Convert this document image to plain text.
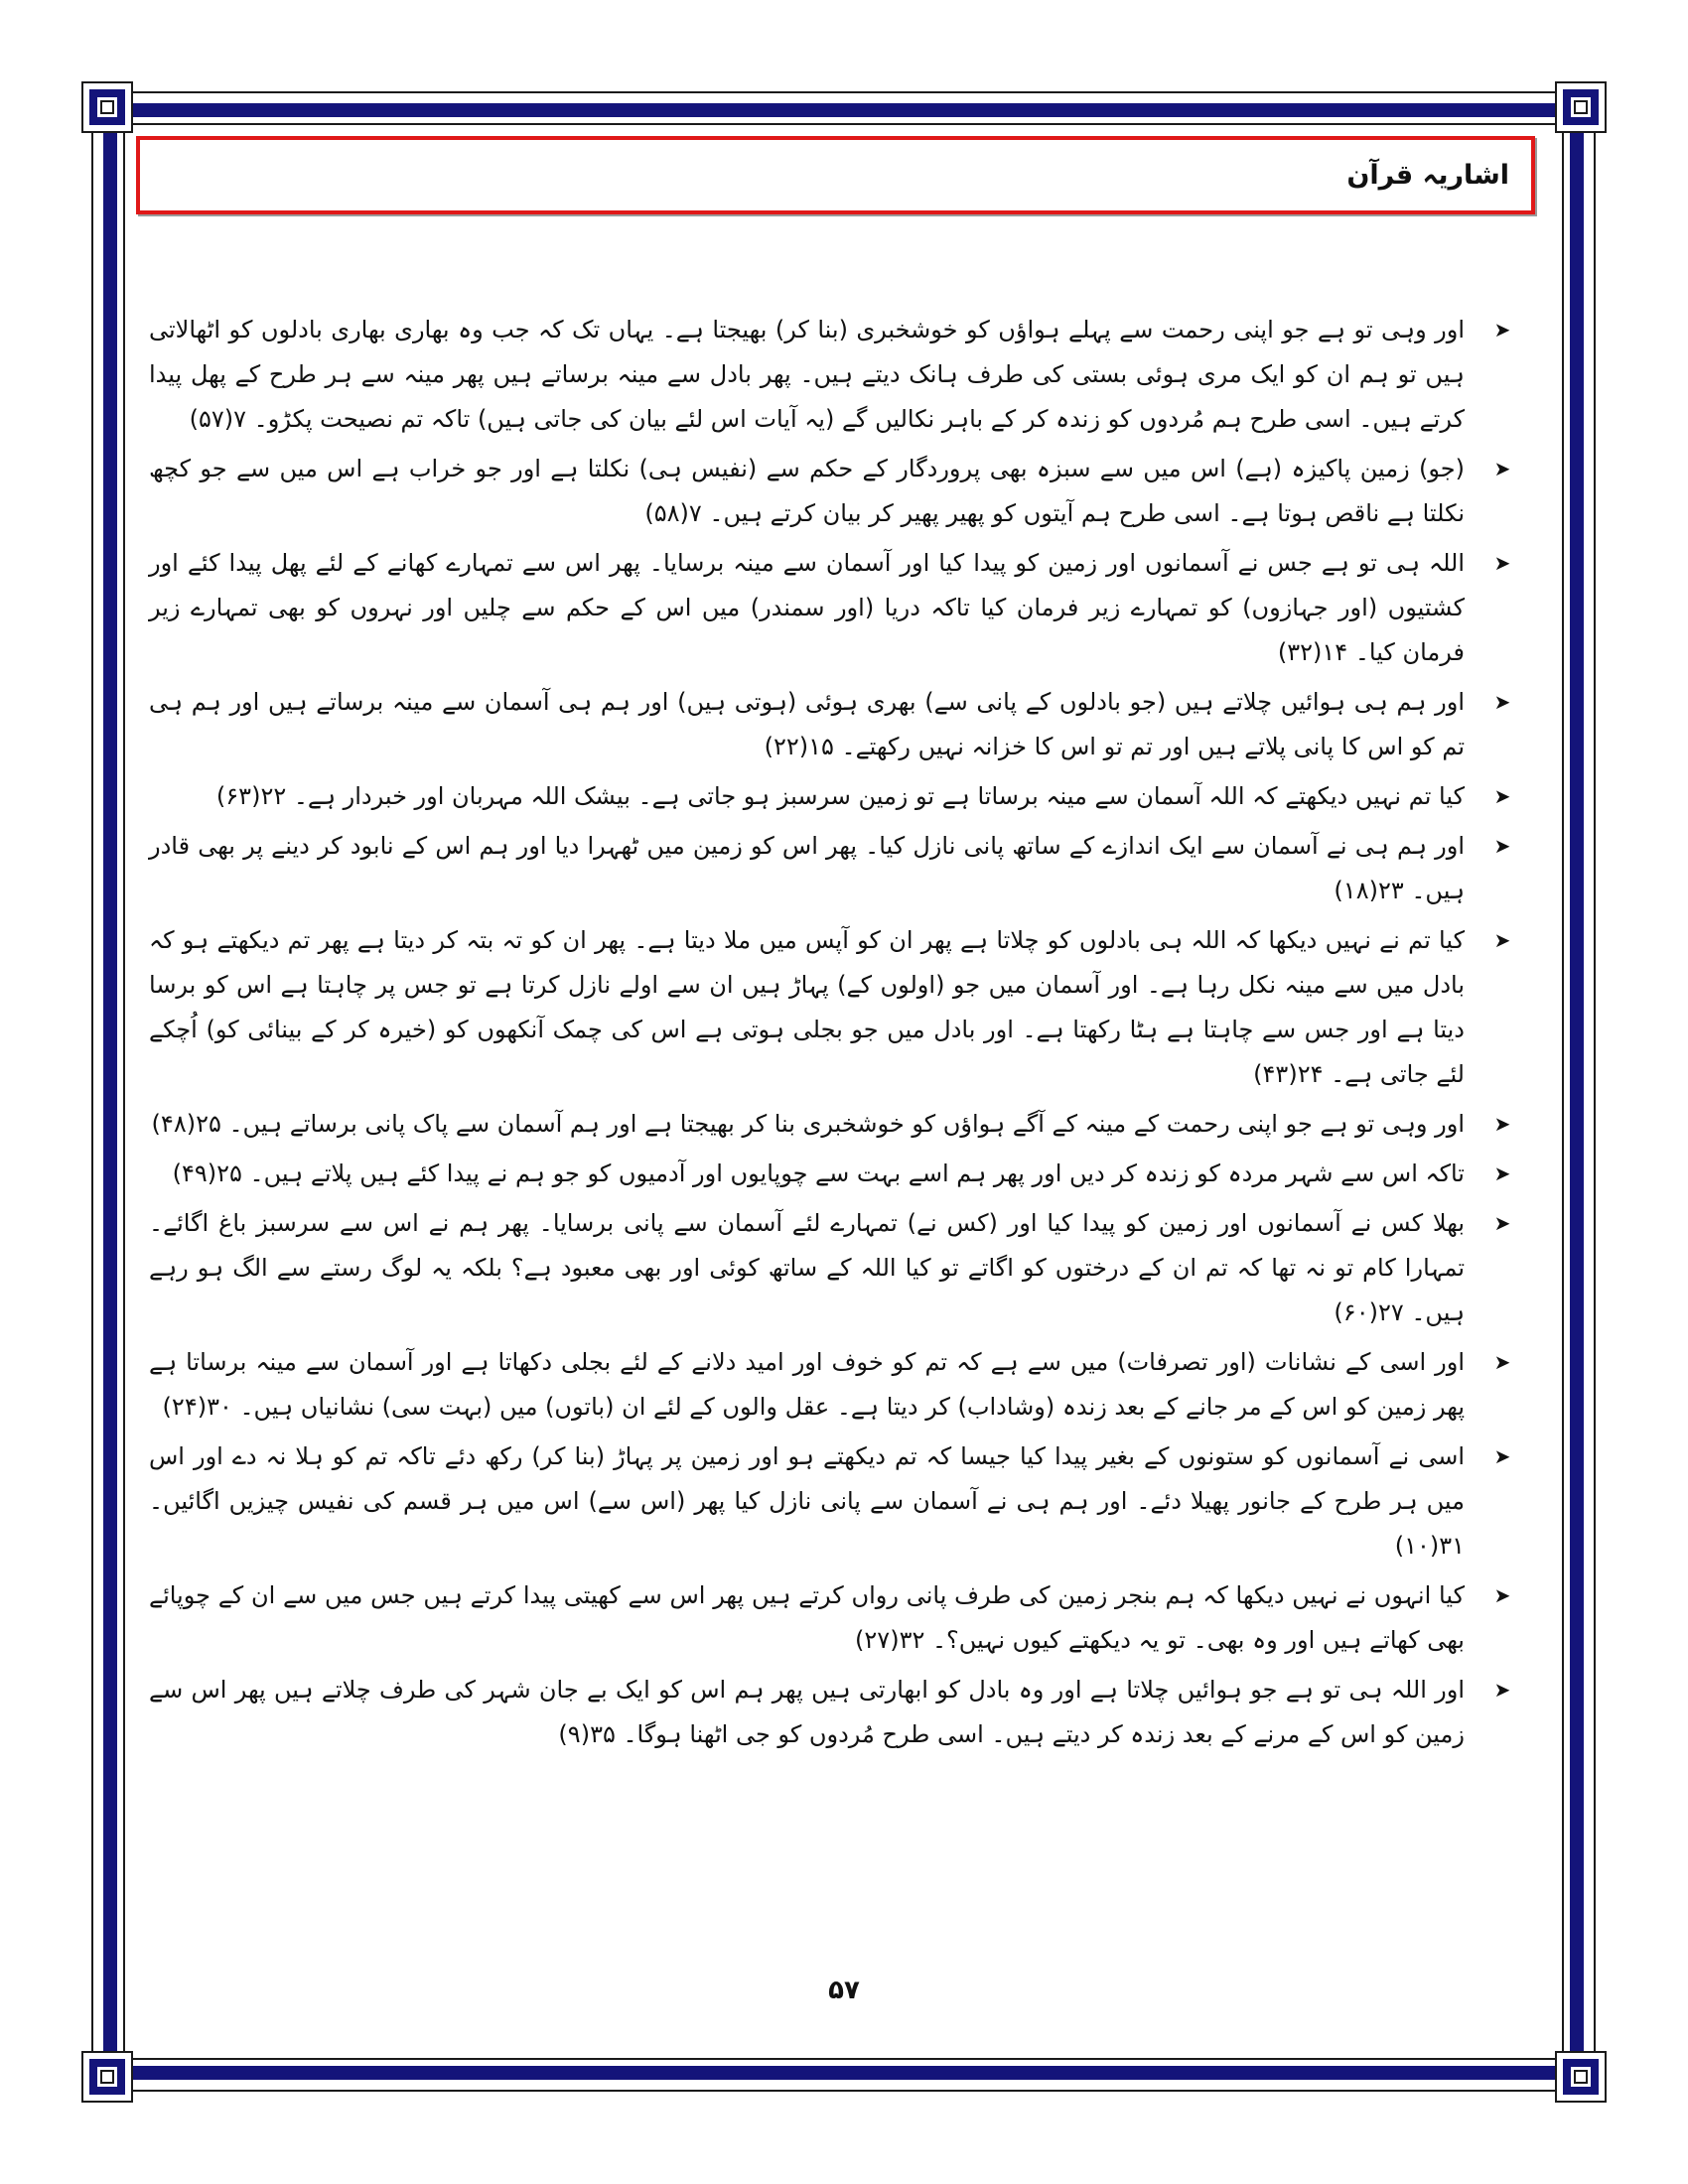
اشاریہ قرآن
➤
اور وہی تو ہے جو اپنی رحمت سے پہلے ہواؤں کو خوشخبری (بنا کر) بھیجتا ہے۔ یہاں تک کہ جب وہ بھاری بھاری بادلوں کو اٹھالاتی ہیں تو ہم ان کو ایک مری ہوئی بستی کی طرف ہانک دیتے ہیں۔ پھر بادل سے مینہ برساتے ہیں پھر مینہ سے ہر طرح کے پھل پیدا کرتے ہیں۔ اسی طرح ہم مُردوں کو زندہ کر کے باہر نکالیں گے (یہ آیات اس لئے بیان کی جاتی ہیں) تاکہ تم نصیحت پکڑو۔ ۷(۵۷)
➤
(جو) زمین پاکیزہ (ہے) اس میں سے سبزہ بھی پروردگار کے حکم سے (نفیس ہی) نکلتا ہے اور جو خراب ہے اس میں سے جو کچھ نکلتا ہے ناقص ہوتا ہے۔ اسی طرح ہم آیتوں کو پھیر پھیر کر بیان کرتے ہیں۔ ۷(۵۸)
➤
اللہ ہی تو ہے جس نے آسمانوں اور زمین کو پیدا کیا اور آسمان سے مینہ برسایا۔ پھر اس سے تمہارے کھانے کے لئے پھل پیدا کئے اور کشتیوں (اور جہازوں) کو تمہارے زیر فرمان کیا تاکہ دریا (اور سمندر) میں اس کے حکم سے چلیں اور نہروں کو بھی تمہارے زیر فرمان کیا۔ ۱۴(۳۲)
➤
اور ہم ہی ہوائیں چلاتے ہیں (جو بادلوں کے پانی سے) بھری ہوئی (ہوتی ہیں) اور ہم ہی آسمان سے مینہ برساتے ہیں اور ہم ہی تم کو اس کا پانی پلاتے ہیں اور تم تو اس کا خزانہ نہیں رکھتے۔ ۱۵(۲۲)
➤
کیا تم نہیں دیکھتے کہ اللہ آسمان سے مینہ برساتا ہے تو زمین سرسبز ہو جاتی ہے۔ بیشک اللہ مہربان اور خبردار ہے۔ ۲۲(۶۳)
➤
اور ہم ہی نے آسمان سے ایک اندازے کے ساتھ پانی نازل کیا۔ پھر اس کو زمین میں ٹھہرا دیا اور ہم اس کے نابود کر دینے پر بھی قادر ہیں۔ ۲۳(۱۸)
➤
کیا تم نے نہیں دیکھا کہ اللہ ہی بادلوں کو چلاتا ہے پھر ان کو آپس میں ملا دیتا ہے۔ پھر ان کو تہ بتہ کر دیتا ہے پھر تم دیکھتے ہو کہ بادل میں سے مینہ نکل رہا ہے۔ اور آسمان میں جو (اولوں کے) پہاڑ ہیں ان سے اولے نازل کرتا ہے تو جس پر چاہتا ہے اس کو برسا دیتا ہے اور جس سے چاہتا ہے ہٹا رکھتا ہے۔ اور بادل میں جو بجلی ہوتی ہے اس کی چمک آنکھوں کو (خیرہ کر کے بینائی کو) اُچکے لئے جاتی ہے۔ ۲۴(۴۳)
➤
اور وہی تو ہے جو اپنی رحمت کے مینہ کے آگے ہواؤں کو خوشخبری بنا کر بھیجتا ہے اور ہم آسمان سے پاک پانی برساتے ہیں۔ ۲۵(۴۸)
➤
تاکہ اس سے شہر مردہ کو زندہ کر دیں اور پھر ہم اسے بہت سے چوپایوں اور آدمیوں کو جو ہم نے پیدا کئے ہیں پلاتے ہیں۔ ۲۵(۴۹)
➤
بھلا کس نے آسمانوں اور زمین کو پیدا کیا اور (کس نے) تمہارے لئے آسمان سے پانی برسایا۔ پھر ہم نے اس سے سرسبز باغ اگائے۔ تمہارا کام تو نہ تھا کہ تم ان کے درختوں کو اگاتے تو کیا اللہ کے ساتھ کوئی اور بھی معبود ہے؟ بلکہ یہ لوگ رستے سے الگ ہو رہے ہیں۔ ۲۷(۶۰)
➤
اور اسی کے نشانات (اور تصرفات) میں سے ہے کہ تم کو خوف اور امید دلانے کے لئے بجلی دکھاتا ہے اور آسمان سے مینہ برساتا ہے پھر زمین کو اس کے مر جانے کے بعد زندہ (وشاداب) کر دیتا ہے۔ عقل والوں کے لئے ان (باتوں) میں (بہت سی) نشانیاں ہیں۔ ۳۰(۲۴)
➤
اسی نے آسمانوں کو ستونوں کے بغیر پیدا کیا جیسا کہ تم دیکھتے ہو اور زمین پر پہاڑ (بنا کر) رکھ دئے تاکہ تم کو ہلا نہ دے اور اس میں ہر طرح کے جانور پھیلا دئے۔ اور ہم ہی نے آسمان سے پانی نازل کیا پھر (اس سے) اس میں ہر قسم کی نفیس چیزیں اگائیں۔ ۳۱(۱۰)
➤
کیا انہوں نے نہیں دیکھا کہ ہم بنجر زمین کی طرف پانی رواں کرتے ہیں پھر اس سے کھیتی پیدا کرتے ہیں جس میں سے ان کے چوپائے بھی کھاتے ہیں اور وہ بھی۔ تو یہ دیکھتے کیوں نہیں؟۔ ۳۲(۲۷)
➤
اور اللہ ہی تو ہے جو ہوائیں چلاتا ہے اور وہ بادل کو ابھارتی ہیں پھر ہم اس کو ایک بے جان شہر کی طرف چلاتے ہیں پھر اس سے زمین کو اس کے مرنے کے بعد زندہ کر دیتے ہیں۔ اسی طرح مُردوں کو جی اٹھنا ہوگا۔ ۳۵(۹)
۵۷
